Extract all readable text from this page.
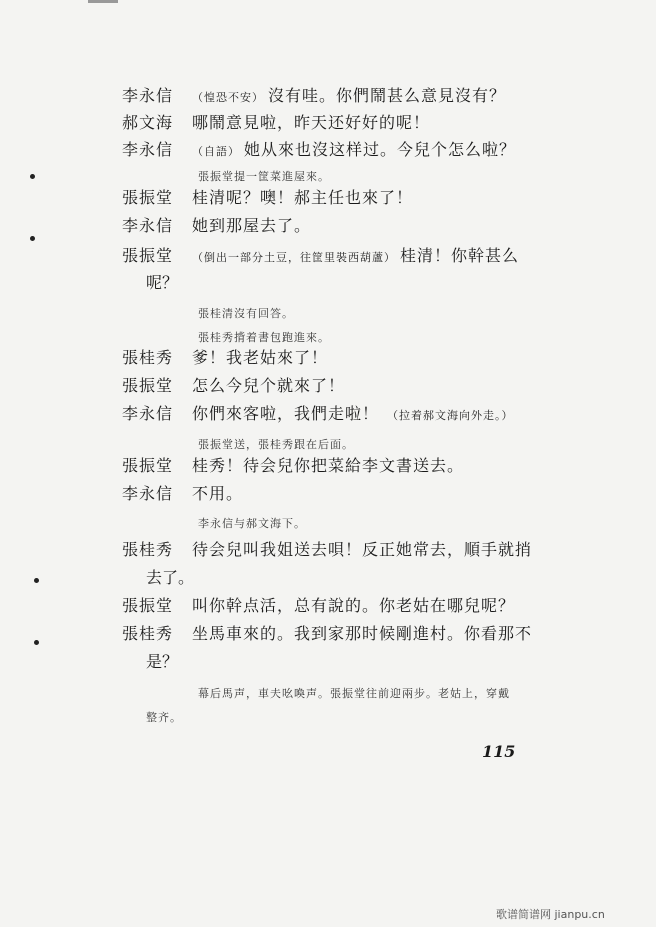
李永信 （惶恐不安） 沒有哇。你們鬧甚么意見沒有？
郝文海 哪鬧意見啦，昨天还好好的呢！
李永信 （自語） 她从來也沒这样过。今兒个怎么啦？
張振堂提一筐菜進屋來。
張振堂 桂清呢？噢！郝主任也來了！
李永信 她到那屋去了。
張振堂 （倒出一部分土豆，往筐里裝西葫蘆） 桂清！你幹甚么
呢？
張桂清沒有回答。
張桂秀揹着書包跑進來。
張桂秀 爹！我老姑來了！
張振堂 怎么今兒个就來了！
李永信 你們來客啦，我們走啦！ （拉着郝文海向外走。）
張振堂送，張桂秀跟在后面。
張振堂 桂秀！待会兒你把菜給李文書送去。
李永信 不用。
李永信与郝文海下。
張桂秀 待会兒叫我姐送去唄！反正她常去，順手就捎
去了。
張振堂 叫你幹点活，总有說的。你老姑在哪兒呢？
張桂秀 坐馬車來的。我到家那时候剛進村。你看那不
是？
幕后馬声，車夫吆喚声。張振堂往前迎兩步。老姑上，穿戴
整齐。
115
歌谱简谱网 jianpu.cn
